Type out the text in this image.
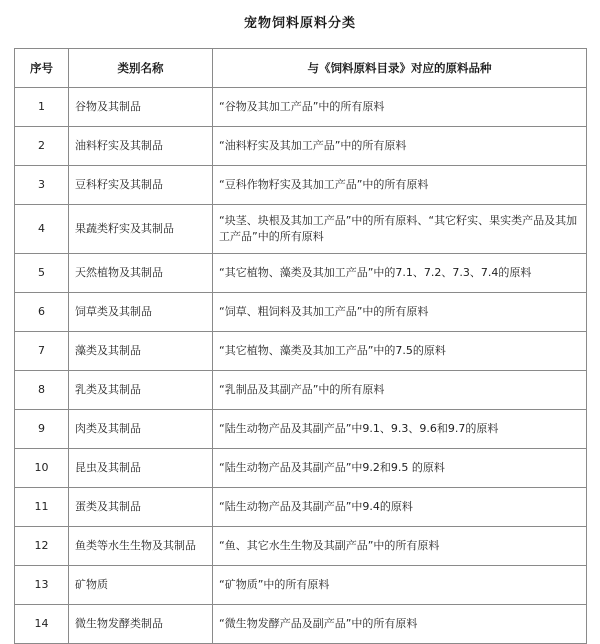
宠物饲料原料分类
序号	类别名称	与《饲料原料目录》对应的原料品种
1	谷物及其制品	“谷物及其加工产品”中的所有原料
2	油料籽实及其制品	“油料籽实及其加工产品”中的所有原料
3	豆科籽实及其制品	“豆科作物籽实及其加工产品”中的所有原料
4	果蔬类籽实及其制品	“块茎、块根及其加工产品”中的所有原料、“其它籽实、果实类产品及其加工产品”中的所有原料
5	天然植物及其制品	“其它植物、藻类及其加工产品”中的7.1、7.2、7.3、7.4的原料
6	饲草类及其制品	“饲草、粗饲料及其加工产品”中的所有原料
7	藻类及其制品	“其它植物、藻类及其加工产品”中的7.5的原料
8	乳类及其制品	“乳制品及其副产品”中的所有原料
9	肉类及其制品	“陆生动物产品及其副产品”中9.1、9.3、9.6和9.7的原料
10	昆虫及其制品	“陆生动物产品及其副产品”中9.2和9.5 的原料
11	蛋类及其制品	“陆生动物产品及其副产品”中9.4的原料
12	鱼类等水生生物及其制品	“鱼、其它水生生物及其副产品”中的所有原料
13	矿物质	“矿物质”中的所有原料
14	微生物发酵类制品	“微生物发酵产品及副产品”中的所有原料
